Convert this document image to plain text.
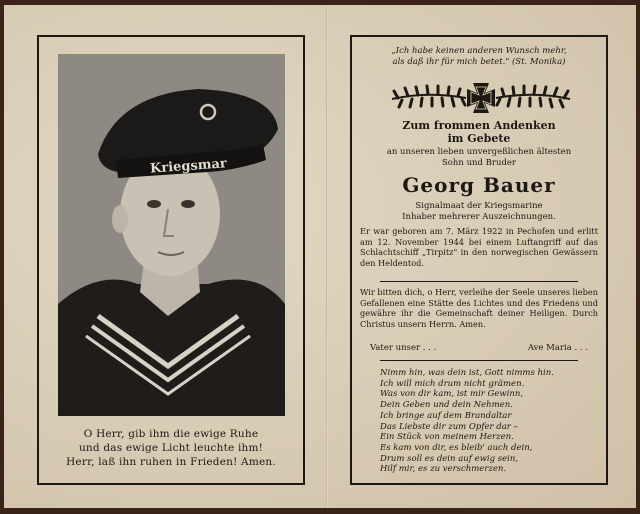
Kriegsmar
O Herr, gib ihm die ewige Ruhe
und das ewige Licht leuchte ihm!
Herr, laß ihn ruhen in Frieden! Amen.
„Ich habe keinen anderen Wunsch mehr,
als daß ihr für mich betet." (St. Monika)
Zum frommen Andenken
im Gebete
an unseren lieben unvergeßlichen ältesten
Sohn und Bruder
Georg Bauer
Signalmaat der Kriegsmarine
Inhaber mehrerer Auszeichnungen.
Er war geboren am 7. März 1922 in Pechofen und erlitt am 12. November 1944 bei einem Luftangriff auf das Schlachtschiff „Tirpitz" in den norwegischen Gewässern den Heldentod.
Wir bitten dich, o Herr, verleihe der Seele unseres lieben Gefallenen eine Stätte des Lichtes und des Friedens und gewähre ihr die Gemeinschaft deiner Heiligen. Durch Christus unsern Herrn. Amen.
Vater unser . . .	Ave Maria . . .
Nimm hin, was dein ist, Gott nimms hin.
Ich will mich drum nicht grämen.
Was von dir kam, ist mir Gewinn,
Dein Geben und dein Nehmen.
Ich bringe auf dem Brandaltar
Das Liebste dir zum Opfer dar –
Ein Stück von meinem Herzen.
Es kam von dir, es bleib' auch dein,
Drum soll es dein auf ewig sein,
Hilf mir, es zu verschmerzen.
